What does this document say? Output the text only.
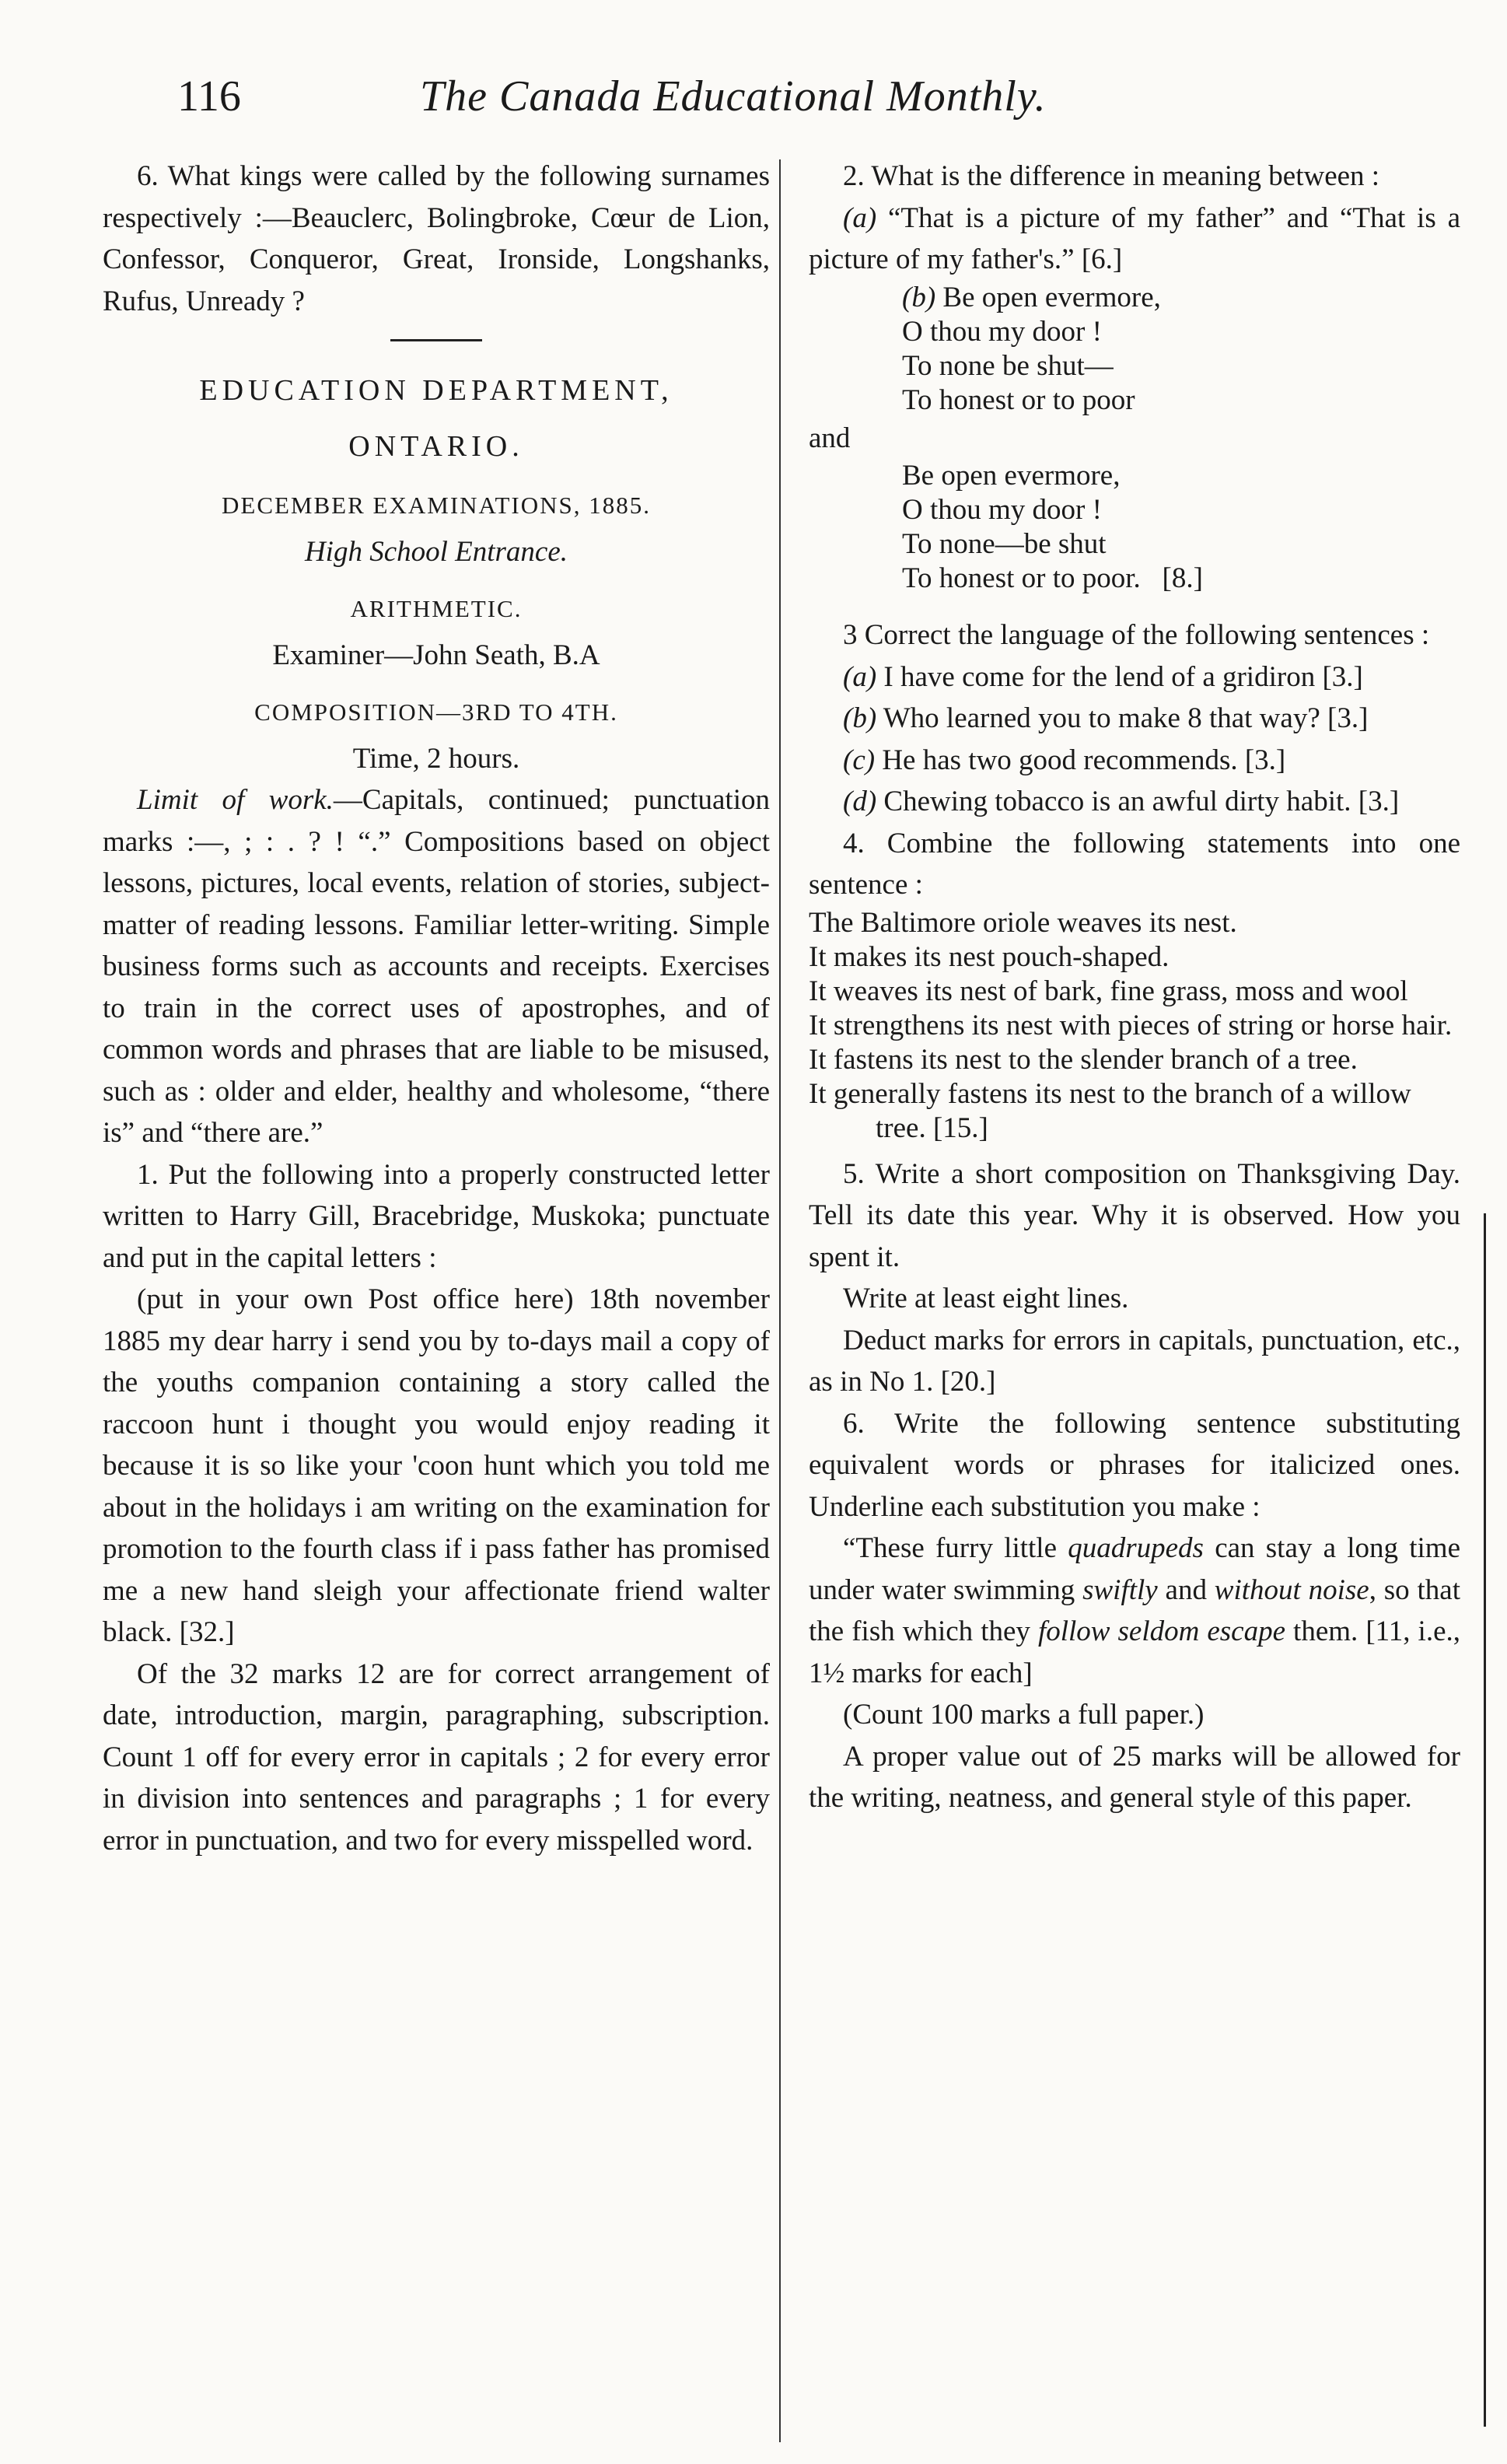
116	The Canada Educational Monthly.

6. What kings were called by the following surnames respectively :—Beauclerc, Bolingbroke, Cœur de Lion, Confessor, Conqueror, Great, Ironside, Longshanks, Rufus, Unready ?

EDUCATION DEPARTMENT,

ONTARIO.

DECEMBER EXAMINATIONS, 1885.

High School Entrance.

ARITHMETIC.

Examiner—John Seath, B.A

COMPOSITION—3RD TO 4TH.

Time, 2 hours.

Limit of work.—Capitals, continued; punctuation marks :—, ; : . ? ! “.” Compositions based on object lessons, pictures, local events, relation of stories, subject-matter of reading lessons. Familiar letter-writing. Simple business forms such as accounts and receipts. Exercises to train in the correct uses of apostrophes, and of common words and phrases that are liable to be misused, such as : older and elder, healthy and wholesome, “there is” and “there are.”

1. Put the following into a properly constructed letter written to Harry Gill, Bracebridge, Muskoka; punctuate and put in the capital letters :

(put in your own Post office here) 18th november 1885 my dear harry i send you by to-days mail a copy of the youths companion containing a story called the raccoon hunt i thought you would enjoy reading it because it is so like your 'coon hunt which you told me about in the holidays i am writing on the examination for promotion to the fourth class if i pass father has promised me a new hand sleigh your affectionate friend walter black. [32.]

Of the 32 marks 12 are for correct arrangement of date, introduction, margin, paragraphing, subscription. Count 1 off for every error in capitals ; 2 for every error in division into sentences and paragraphs ; 1 for every error in punctuation, and two for every misspelled word.

2. What is the difference in meaning between :

(a) “That is a picture of my father” and “That is a picture of my father's.” [6.]

(b) Be open evermore,

O thou my door !

To none be shut—

To honest or to poor

and

Be open evermore,

O thou my door !

To none—be shut

To honest or to poor. [8.]

3 Correct the language of the following sentences :

(a) I have come for the lend of a gridiron [3.]

(b) Who learned you to make 8 that way? [3.]

(c) He has two good recommends. [3.]

(d) Chewing tobacco is an awful dirty habit. [3.]

4. Combine the following statements into one sentence :

The Baltimore oriole weaves its nest.

It makes its nest pouch-shaped.

It weaves its nest of bark, fine grass, moss and wool

It strengthens its nest with pieces of string or horse hair.

It fastens its nest to the slender branch of a tree.

It generally fastens its nest to the branch of a willow tree. [15.]

5. Write a short composition on Thanksgiving Day. Tell its date this year. Why it is observed. How you spent it.

Write at least eight lines.

Deduct marks for errors in capitals, punctuation, etc., as in No 1. [20.]

6. Write the following sentence substituting equivalent words or phrases for italicized ones. Underline each substitution you make :

“These furry little quadrupeds can stay a long time under water swimming swiftly and without noise, so that the fish which they follow seldom escape them. [11, i.e., 1½ marks for each]

(Count 100 marks a full paper.)

A proper value out of 25 marks will be allowed for the writing, neatness, and general style of this paper.
